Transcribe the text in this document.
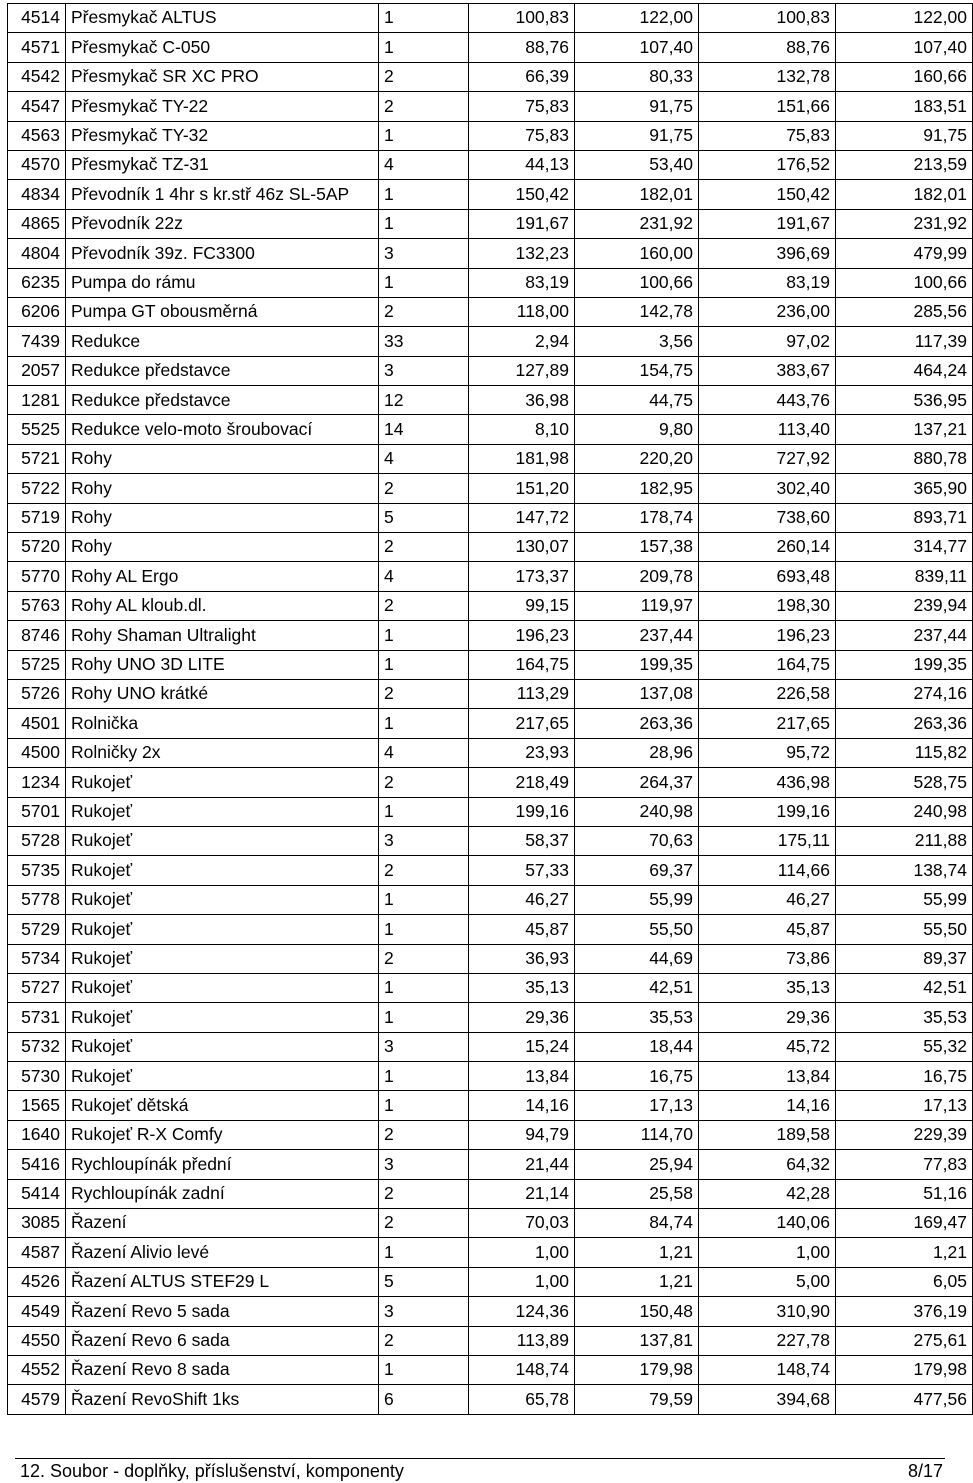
4514	Přesmykač ALTUS	1	100,83	122,00	100,83	122,00
4571	Přesmykač C-050	1	88,76	107,40	88,76	107,40
4542	Přesmykač SR XC PRO	2	66,39	80,33	132,78	160,66
4547	Přesmykač TY-22	2	75,83	91,75	151,66	183,51
4563	Přesmykač TY-32	1	75,83	91,75	75,83	91,75
4570	Přesmykač TZ-31	4	44,13	53,40	176,52	213,59
4834	Převodník 1 4hr s kr.stř 46z SL-5AP	1	150,42	182,01	150,42	182,01
4865	Převodník 22z	1	191,67	231,92	191,67	231,92
4804	Převodník 39z. FC3300	3	132,23	160,00	396,69	479,99
6235	Pumpa do rámu	1	83,19	100,66	83,19	100,66
6206	Pumpa GT obousměrná	2	118,00	142,78	236,00	285,56
7439	Redukce	33	2,94	3,56	97,02	117,39
2057	Redukce představce	3	127,89	154,75	383,67	464,24
1281	Redukce představce	12	36,98	44,75	443,76	536,95
5525	Redukce velo-moto šroubovací	14	8,10	9,80	113,40	137,21
5721	Rohy	4	181,98	220,20	727,92	880,78
5722	Rohy	2	151,20	182,95	302,40	365,90
5719	Rohy	5	147,72	178,74	738,60	893,71
5720	Rohy	2	130,07	157,38	260,14	314,77
5770	Rohy AL Ergo	4	173,37	209,78	693,48	839,11
5763	Rohy AL kloub.dl.	2	99,15	119,97	198,30	239,94
8746	Rohy Shaman Ultralight	1	196,23	237,44	196,23	237,44
5725	Rohy UNO 3D LITE	1	164,75	199,35	164,75	199,35
5726	Rohy UNO krátké	2	113,29	137,08	226,58	274,16
4501	Rolnička	1	217,65	263,36	217,65	263,36
4500	Rolničky 2x	4	23,93	28,96	95,72	115,82
1234	Rukojeť	2	218,49	264,37	436,98	528,75
5701	Rukojeť	1	199,16	240,98	199,16	240,98
5728	Rukojeť	3	58,37	70,63	175,11	211,88
5735	Rukojeť	2	57,33	69,37	114,66	138,74
5778	Rukojeť	1	46,27	55,99	46,27	55,99
5729	Rukojeť	1	45,87	55,50	45,87	55,50
5734	Rukojeť	2	36,93	44,69	73,86	89,37
5727	Rukojeť	1	35,13	42,51	35,13	42,51
5731	Rukojeť	1	29,36	35,53	29,36	35,53
5732	Rukojeť	3	15,24	18,44	45,72	55,32
5730	Rukojeť	1	13,84	16,75	13,84	16,75
1565	Rukojeť dětská	1	14,16	17,13	14,16	17,13
1640	Rukojeť R-X Comfy	2	94,79	114,70	189,58	229,39
5416	Rychloupínák přední	3	21,44	25,94	64,32	77,83
5414	Rychloupínák zadní	2	21,14	25,58	42,28	51,16
3085	Řazení	2	70,03	84,74	140,06	169,47
4587	Řazení Alivio levé	1	1,00	1,21	1,00	1,21
4526	Řazení ALTUS STEF29 L	5	1,00	1,21	5,00	6,05
4549	Řazení Revo 5 sada	3	124,36	150,48	310,90	376,19
4550	Řazení Revo 6 sada	2	113,89	137,81	227,78	275,61
4552	Řazení Revo 8 sada	1	148,74	179,98	148,74	179,98
4579	Řazení RevoShift 1ks	6	65,78	79,59	394,68	477,56
12. Soubor - doplňky, příslušenství, komponenty	8/17
